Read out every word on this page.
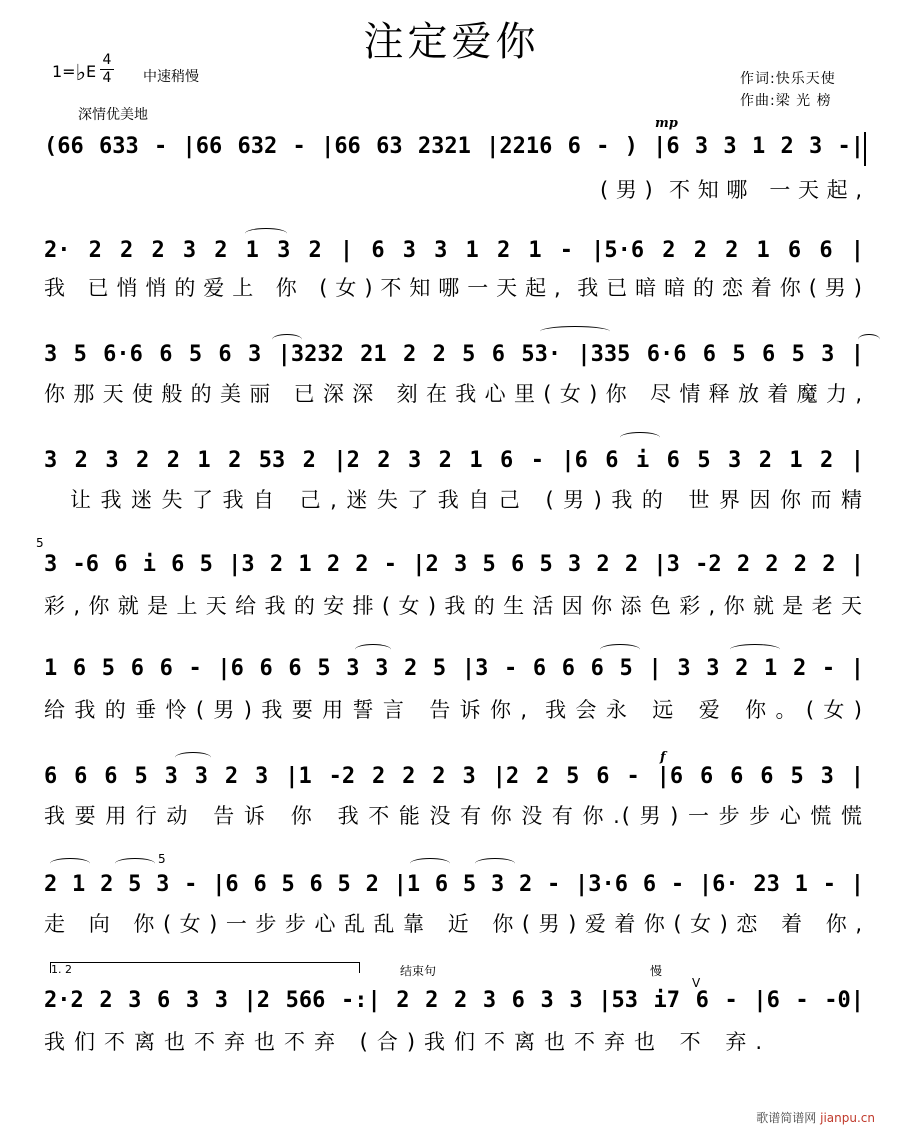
注定爱你
1=♭E
4
4 中速稍慢
深情优美地
作词:快乐天使
作曲:梁 光 榜
mp
f
(66 633 - |66 632 - |66 63 2321 |2216 6 - ) |6 3 3 1 2 3 -|
(男) 不知哪 一天起,
2· 2 2 2 3 2 1 3 2 | 6 3 3 1 2 1 - |5·6 2 2 2 1 6 6 |
我 已悄悄的爱上 你 (女)不知哪一天起, 我已暗暗的恋着你(男)
3 5 6·6 6 5 6 3 |3232 21 2 2 5 6 53· |335 6·6 6 5 6 5 3 |
你那天使般的美丽 已深深 刻在我心里(女)你 尽情释放着魔力,
3 2 3 2 2 1 2 53 2 |2 2 3 2 1 6 - |6 6 i 6 5 3 2 1 2 |
让我迷失了我自 己,迷失了我自己 (男)我的 世界因你而精
5
3 -6 6 i 6 5 |3 2 1 2 2 - |2 3 5 6 5 3 2 2 |3 -2 2 2 2 2 |
彩,你就是上天给我的安排(女)我的生活因你添色彩,你就是老天
1 6 5 6 6 - |6 6 6 5 3 3 2 5 |3 - 6 6 6 5 | 3 3 2 1 2 - |
给我的垂怜(男)我要用誓言 告诉你, 我会永 远 爱 你。(女)
6 6 6 5 3 3 2 3 |1 -2 2 2 2 3 |2 2 5 6 - |6 6 6 6 5 3 |
我要用行动 告诉 你 我不能没有你没有你.(男)一步步心慌慌
5
2 1 2 5 3 - |6 6 5 6 5 2 |1 6 5 3 2 - |3·6 6 - |6· 23 1 - |
走 向 你(女)一步步心乱乱靠 近 你(男)爱着你(女)恋 着 你,
1. 2	结束句	慢
V
2·2 2 3 6 3 3 |2 566 -:| 2 2 2 3 6 3 3 |53 i7 6 - |6 - -0|
我们不离也不弃也不弃 (合)我们不离也不弃也 不 弃.
歌谱简谱网 jianpu.cn
